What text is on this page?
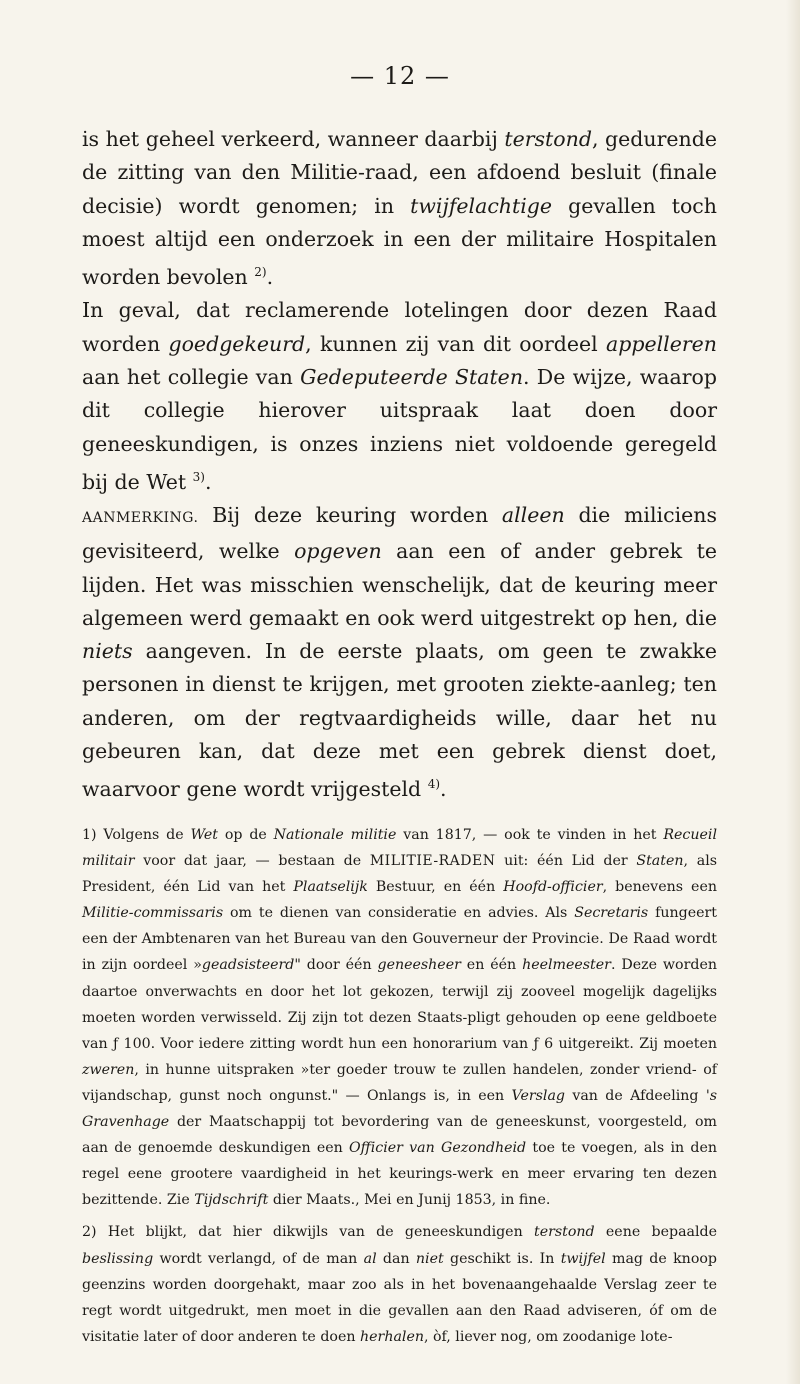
— 12 —

is het geheel verkeerd, wanneer daarbij terstond, gedurende de zitting van den Militie-raad, een afdoend besluit (finale decisie) wordt genomen; in twijfelachtige gevallen toch moest altijd een onderzoek in een der militaire Hospitalen worden bevolen $^{2)}$.

In geval, dat reclamerende lotelingen door dezen Raad worden goedgekeurd, kunnen zij van dit oordeel appelleren aan het collegie van Gedeputeerde Staten. De wijze, waarop dit collegie hierover uitspraak laat doen door geneeskundigen, is onzes inziens niet voldoende geregeld bij de Wet $^{3)}$.

AANMERKING. Bij deze keuring worden alleen die miliciens gevisiteerd, welke opgeven aan een of ander gebrek te lijden. Het was misschien wenschelijk, dat de keuring meer algemeen werd gemaakt en ook werd uitgestrekt op hen, die niets aangeven. In de eerste plaats, om geen te zwakke personen in dienst te krijgen, met grooten ziekte-aanleg; ten anderen, om der regtvaardigheids wille, daar het nu gebeuren kan, dat deze met een gebrek dienst doet, waarvoor gene wordt vrijgesteld $^{4)}$.

1) Volgens de Wet op de Nationale militie van 1817, — ook te vinden in het Recueil militair voor dat jaar, — bestaan de MILITIE-RADEN uit: één Lid der Staten, als President, één Lid van het Plaatselijk Bestuur, en één Hoofd-officier, benevens een Militie-commissaris om te dienen van consideratie en advies. Als Secretaris fungeert een der Ambtenaren van het Bureau van den Gouverneur der Provincie. De Raad wordt in zijn oordeel »geadsisteerd" door één geneesheer en één heelmeester. Deze worden daartoe onverwachts en door het lot gekozen, terwijl zij zooveel mogelijk dagelijks moeten worden verwisseld. Zij zijn tot dezen Staats-pligt gehouden op eene geldboete van ƒ 100. Voor iedere zitting wordt hun een honorarium van ƒ 6 uitgereikt. Zij moeten zweren, in hunne uitspraken »ter goeder trouw te zullen handelen, zonder vriend- of vijandschap, gunst noch ongunst." — Onlangs is, in een Verslag van de Afdeeling 's Gravenhage der Maatschappij tot bevordering van de geneeskunst, voorgesteld, om aan de genoemde deskundigen een Officier van Gezondheid toe te voegen, als in den regel eene grootere vaardigheid in het keurings-werk en meer ervaring ten dezen bezittende. Zie Tijdschrift dier Maats., Mei en Junij 1853, in fine.

2) Het blijkt, dat hier dikwijls van de geneeskundigen terstond eene bepaalde beslissing wordt verlangd, of de man al dan niet geschikt is. In twijfel mag de knoop geenzins worden doorgehakt, maar zoo als in het bovenaangehaalde Verslag zeer te regt wordt uitgedrukt, men moet in die gevallen aan den Raad adviseren, óf om de visitatie later of door anderen te doen herhalen, òf, liever nog, om zoodanige lote-
